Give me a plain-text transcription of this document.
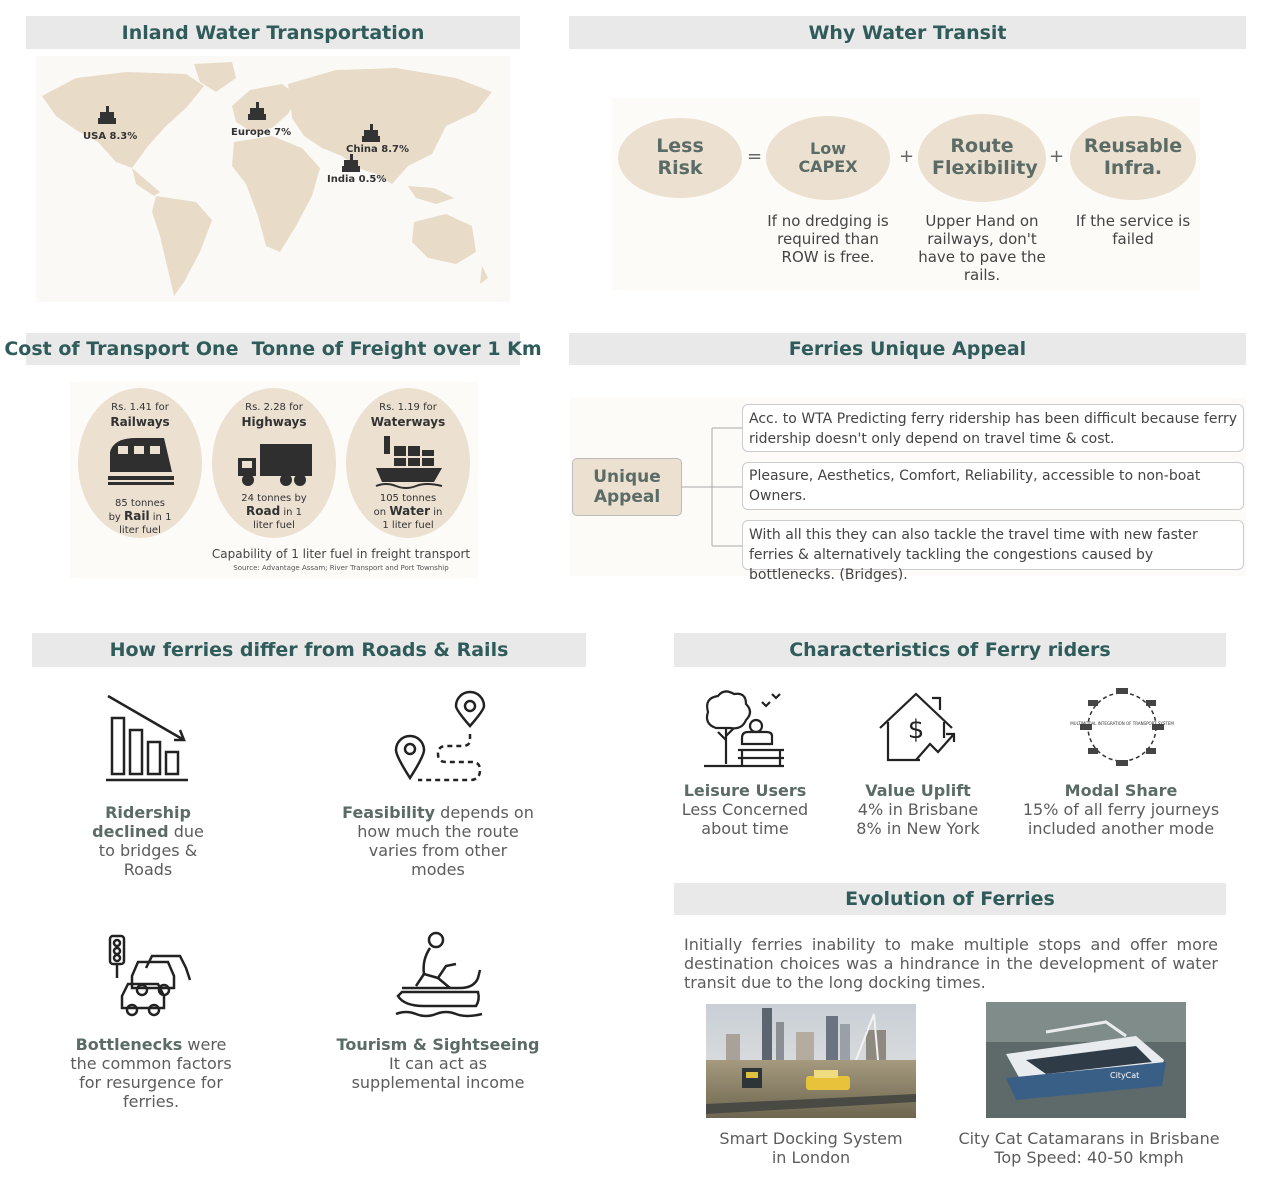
Inland Water Transportation
USA 8.3%	Europe 7%
China 8.7%
India 0.5%
Why Water Transit
Less Risk
=	Low CAPEX	+	Route Flexibility
+ Reusable Infra.
If no dredging is required than ROW is free.
Upper Hand on railways, don't have to pave the rails.
If the service is failed
Cost of Transport One  Tonne of Freight over 1 Km
Rs. 1.41 for
Railways
85 tonnes
by Rail in 1
liter fuel
Rs. 2.28 for
Highways
24 tonnes by
Road in 1
liter fuel
Rs. 1.19 for
Waterways
105 tonnes
on Water in
1 liter fuel
Capability of 1 liter fuel in freight transport
Source: Advantage Assam; River Transport and Port Township
Ferries Unique Appeal
Unique Appeal
Acc. to WTA Predicting ferry ridership has been difficult because ferry ridership doesn't only depend on travel time & cost.
Pleasure, Aesthetics, Comfort, Reliability, accessible to non-boat Owners.
With all this they can also tackle the travel time with new faster ferries & alternatively tackling the congestions caused by bottlenecks. (Bridges).
How ferries differ from Roads & Rails
Ridership declined due to bridges & Roads
Feasibility depends on how much the route varies from other modes
Bottlenecks were the common factors for resurgence for ferries.
Tourism & Sightseeing
It can act as supplemental income
Characteristics of Ferry riders
Leisure Users
Less Concerned about time
$
Value Uplift
4% in Brisbane
8% in New York
MULTIMODAL INTEGRATION OF TRANSPORT SYSTEM
Modal Share
15% of all ferry journeys included another mode
Evolution of Ferries
Initially ferries inability to make multiple stops and offer more destination choices was a hindrance in the development of water transit due to the long docking times.
Smart Docking System
in London
CityCat
City Cat Catamarans in Brisbane
Top Speed: 40-50 kmph
